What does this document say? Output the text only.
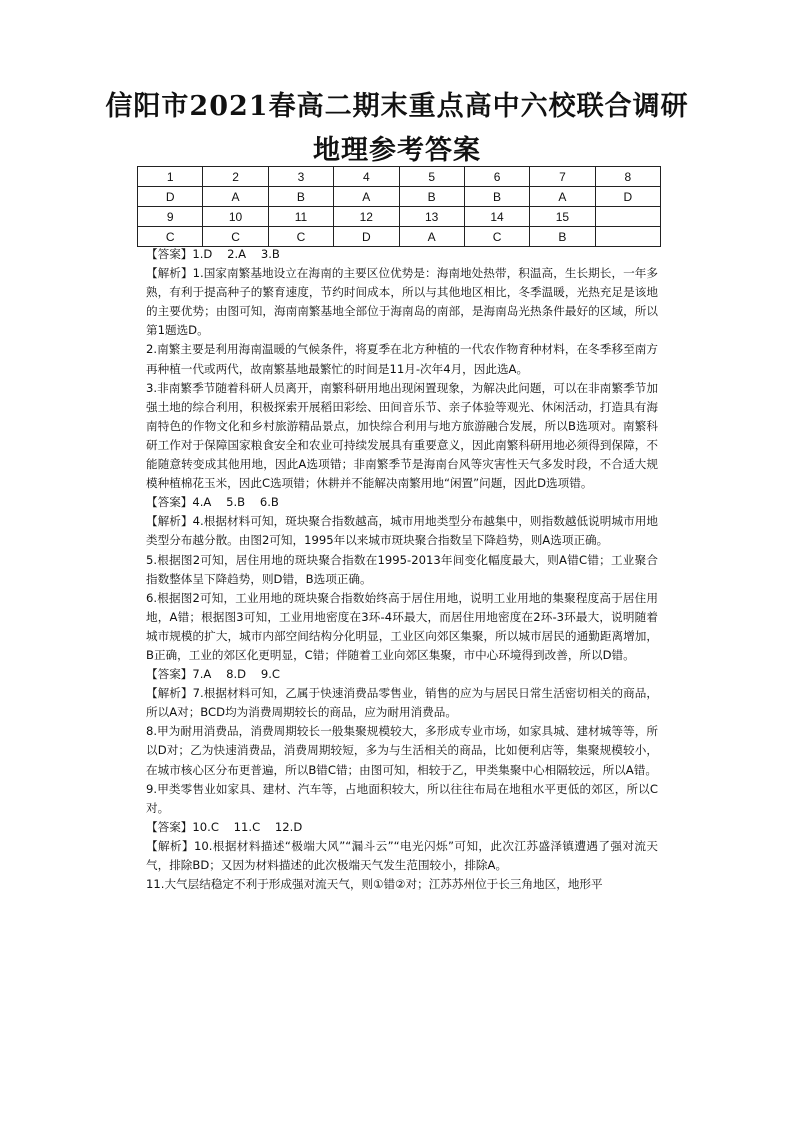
信阳市2021春高二期末重点高中六校联合调研
地理参考答案
1	2	3	4	5	6	7	8
D	A	B	A	B	B	A	D
9	10	11	12	13	14	15	
C	C	C	D	A	C	B	

【答案】1.D    2.A    3.B

【解析】1.国家南繁基地设立在海南的主要区位优势是：海南地处热带，积温高，生长期长，一年多熟，有利于提高种子的繁育速度，节约时间成本，所以与其他地区相比，冬季温暖，光热充足是该地的主要优势；由图可知，海南南繁基地全部位于海南岛的南部，是海南岛光热条件最好的区域，所以第1题选D。

2.南繁主要是利用海南温暖的气候条件，将夏季在北方种植的一代农作物育种材料，在冬季移至南方再种植一代或两代，故南繁基地最繁忙的时间是11月-次年4月，因此选A。

3.非南繁季节随着科研人员离开，南繁科研用地出现闲置现象，为解决此问题，可以在非南繁季节加强土地的综合利用，积极探索开展稻田彩绘、田间音乐节、亲子体验等观光、休闲活动，打造具有海南特色的作物文化和乡村旅游精品景点，加快综合利用与地方旅游融合发展，所以B选项对。南繁科研工作对于保障国家粮食安全和农业可持续发展具有重要意义，因此南繁科研用地必须得到保障，不能随意转变成其他用地，因此A选项错；非南繁季节是海南台风等灾害性天气多发时段，不合适大规模种植棉花玉米，因此C选项错；休耕并不能解决南繁用地“闲置”问题，因此D选项错。

【答案】4.A    5.B    6.B

【解析】4.根据材料可知，斑块聚合指数越高，城市用地类型分布越集中，则指数越低说明城市用地类型分布越分散。由图2可知，1995年以来城市斑块聚合指数呈下降趋势，则A选项正确。

5.根据图2可知，居住用地的斑块聚合指数在1995-2013年间变化幅度最大，则A错C错；工业聚合指数整体呈下降趋势，则D错，B选项正确。

6.根据图2可知，工业用地的斑块聚合指数始终高于居住用地，说明工业用地的集聚程度高于居住用地，A错；根据图3可知，工业用地密度在3环-4环最大，而居住用地密度在2环-3环最大，说明随着城市规模的扩大，城市内部空间结构分化明显，工业区向郊区集聚，所以城市居民的通勤距离增加，B正确，工业的郊区化更明显，C错；伴随着工业向郊区集聚，市中心环境得到改善，所以D错。

【答案】7.A    8.D    9.C

【解析】7.根据材料可知，乙属于快速消费品零售业，销售的应为与居民日常生活密切相关的商品，所以A对；BCD均为消费周期较长的商品，应为耐用消费品。

8.甲为耐用消费品，消费周期较长一般集聚规模较大，多形成专业市场，如家具城、建材城等等，所以D对；乙为快速消费品，消费周期较短，多为与生活相关的商品，比如便利店等，集聚规模较小，在城市核心区分布更普遍，所以B错C错；由图可知，相较于乙，甲类集聚中心相隔较远，所以A错。

9.甲类零售业如家具、建材、汽车等，占地面积较大，所以往往布局在地租水平更低的郊区，所以C对。

【答案】10.C    11.C    12.D

【解析】10.根据材料描述“极端大风”“漏斗云”“电光闪烁”可知，此次江苏盛泽镇遭遇了强对流天气，排除BD；又因为材料描述的此次极端天气发生范围较小，排除A。

11.大气层结稳定不利于形成强对流天气，则①错②对；江苏苏州位于长三角地区，地形平
